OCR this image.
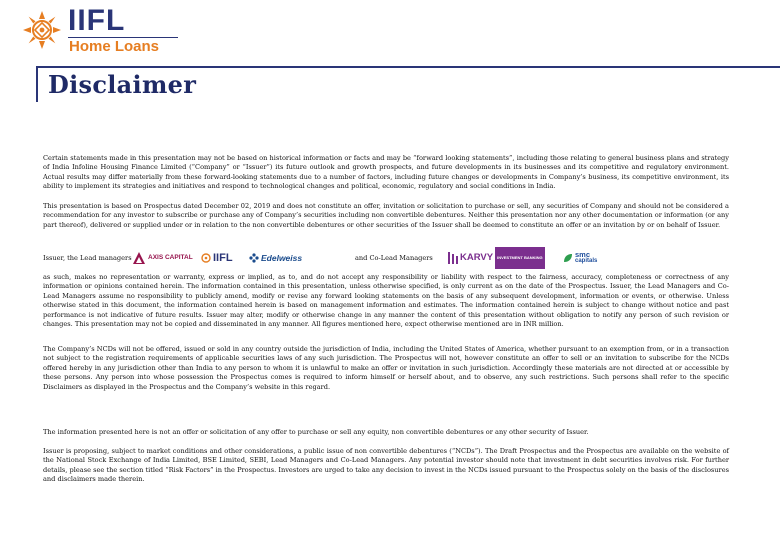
IIFL
Home Loans
Disclaimer

Certain statements made in this presentation may not be based on historical information or facts and may be “forward looking statements”, including those relating to general business plans and strategy of India Infoline Housing Finance Limited (“Company” or “Issuer”) its future outlook and growth prospects, and future developments in its businesses and its competitive and regulatory environment. Actual results may differ materially from these forward-looking statements due to a number of factors, including future changes or developments in Company’s business, its competitive environment, its ability to implement its strategies and initiatives and respond to technological changes and political, economic, regulatory and social conditions in India.

This presentation is based on Prospectus dated December 02, 2019 and does not constitute an offer, invitation or solicitation to purchase or sell, any securities of Company and should not be considered a recommendation for any investor to subscribe or purchase any of Company’s securities including non convertible debentures. Neither this presentation nor any other documentation or information (or any part thereof), delivered or supplied under or in relation to the non convertible debentures or other securities of the Issuer shall be deemed to constitute an offer or an invitation by or on behalf of Issuer.

Issuer, the Lead managers	AXIS CAPITAL IIFL	Edelweiss	and Co-Lead Managers	KARVY	INVESTMENT BANKING	smc
capitals

as such, makes no representation or warranty, express or implied, as to, and do not accept any responsibility or liability with respect to the fairness, accuracy, completeness or correctness of any information or opinions contained herein. The information contained in this presentation, unless otherwise specified, is only current as on the date of the Prospectus. Issuer, the Lead Managers and Co-Lead Managers assume no responsibility to publicly amend, modify or revise any forward looking statements on the basis of any subsequent development, information or events, or otherwise. Unless otherwise stated in this document, the information contained herein is based on management information and estimates. The information contained herein is subject to change without notice and past performance is not indicative of future results. Issuer may alter, modify or otherwise change in any manner the content of this presentation without obligation to notify any person of such revision or changes. This presentation may not be copied and disseminated in any manner. All figures mentioned here, expect otherwise mentioned are in INR million.

The Company’s NCDs will not be offered, issued or sold in any country outside the jurisdiction of India, including the United States of America, whether pursuant to an exemption from, or in a transaction not subject to the registration requirements of applicable securities laws of any such jurisdiction. The Prospectus will not, however constitute an offer to sell or an invitation to subscribe for the NCDs offered hereby in any jurisdiction other than India to any person to whom it is unlawful to make an offer or invitation in such jurisdiction. Accordingly these materials are not directed at or accessible by these persons. Any person into whose possession the Prospectus comes is required to inform himself or herself about, and to observe, any such restrictions. Such persons shall refer to the specific Disclaimers as displayed in the Prospectus and the Company’s website in this regard.

The information presented here is not an offer or solicitation of any offer to purchase or sell any equity, non convertible debentures or any other security of Issuer.

Issuer is proposing, subject to market conditions and other considerations, a public issue of non convertible debentures (“NCDs”). The Draft Prospectus and the Prospectus are available on the website of the National Stock Exchange of India Limited, BSE Limited, SEBI, Lead Managers and Co-Lead Managers. Any potential investor should note that investment in debt securities involves risk. For further details, please see the section titled “Risk Factors” in the Prospectus. Investors are urged to take any decision to invest in the NCDs issued pursuant to the Prospectus solely on the basis of the disclosures and disclaimers made therein.
